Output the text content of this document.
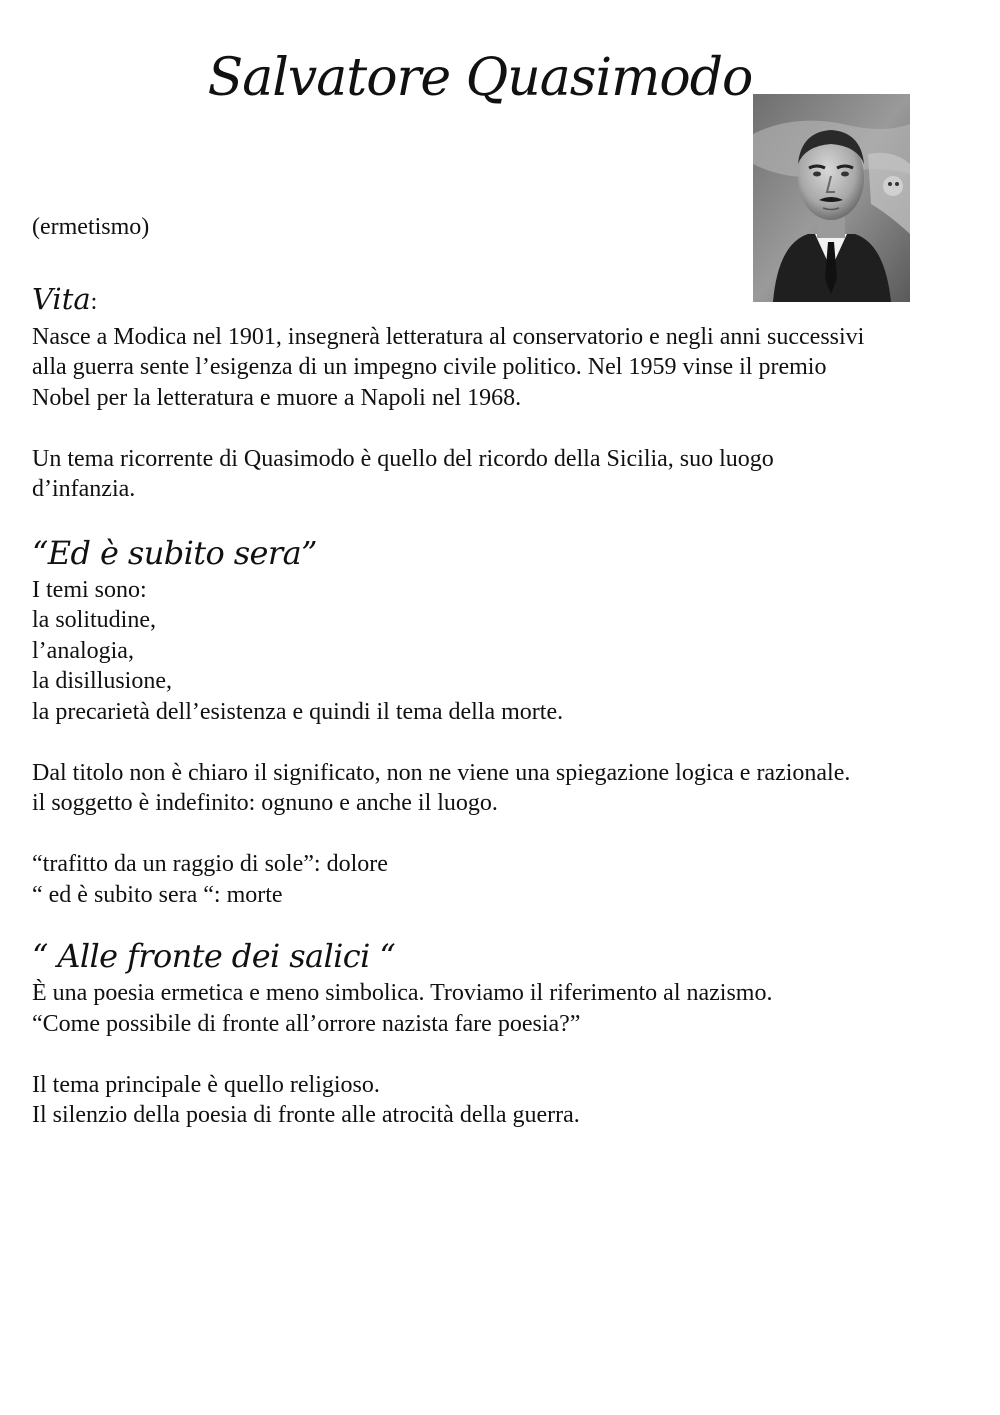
Salvatore Quasimodo

(ermetismo)

Vita:

Nasce a Modica nel 1901, insegnerà letteratura al conservatorio e negli anni successivi
alla guerra sente l’esigenza di un impegno civile politico. Nel 1959 vinse il premio
Nobel per la letteratura e muore a Napoli nel 1968.

Un tema ricorrente di Quasimodo è quello del ricordo della Sicilia, suo luogo
d’infanzia.

“Ed è subito sera”

I temi sono:
la solitudine,
l’analogia,
la disillusione,
la precarietà dell’esistenza e quindi il tema della morte.

Dal titolo non è chiaro il significato, non ne viene una spiegazione logica e razionale.
il soggetto è indefinito: ognuno e anche il luogo.

“trafitto da un raggio di sole”: dolore
“ ed è subito sera “: morte

“ Alle fronte dei salici “

È una poesia ermetica e meno simbolica. Troviamo il riferimento al nazismo.
“Come possibile di fronte all’orrore nazista fare poesia?”

Il tema principale è quello religioso.
Il silenzio della poesia di fronte alle atrocità della guerra.
